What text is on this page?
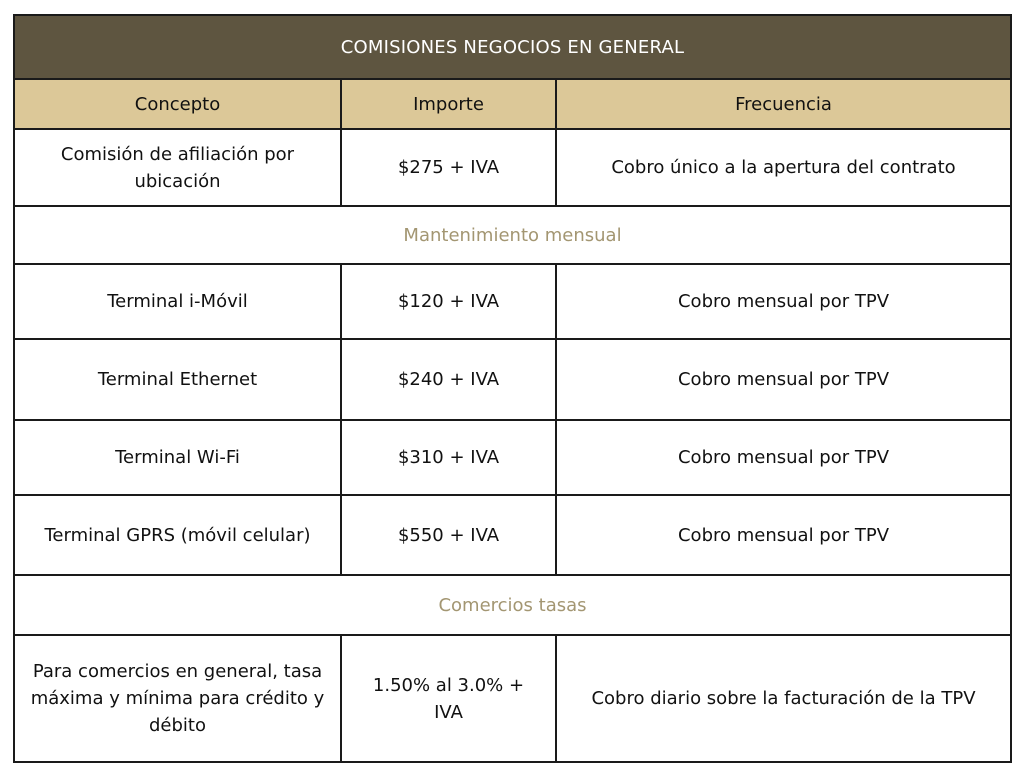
COMISIONES NEGOCIOS EN GENERAL		
Concepto	Importe	Frecuencia
Comisión de afiliación por ubicación	$275 + IVA	Cobro único a la apertura del contrato
Mantenimiento mensual		
Terminal i-Móvil	$120 + IVA	Cobro mensual por TPV
Terminal Ethernet	$240 + IVA	Cobro mensual por TPV
Terminal Wi-Fi	$310 + IVA	Cobro mensual por TPV
Terminal GPRS (móvil celular)	$550 + IVA	Cobro mensual por TPV
Comercios tasas		
Para comercios en general, tasa máxima y mínima para crédito y débito	1.50% al 3.0% + IVA	Cobro diario sobre la facturación de la TPV
